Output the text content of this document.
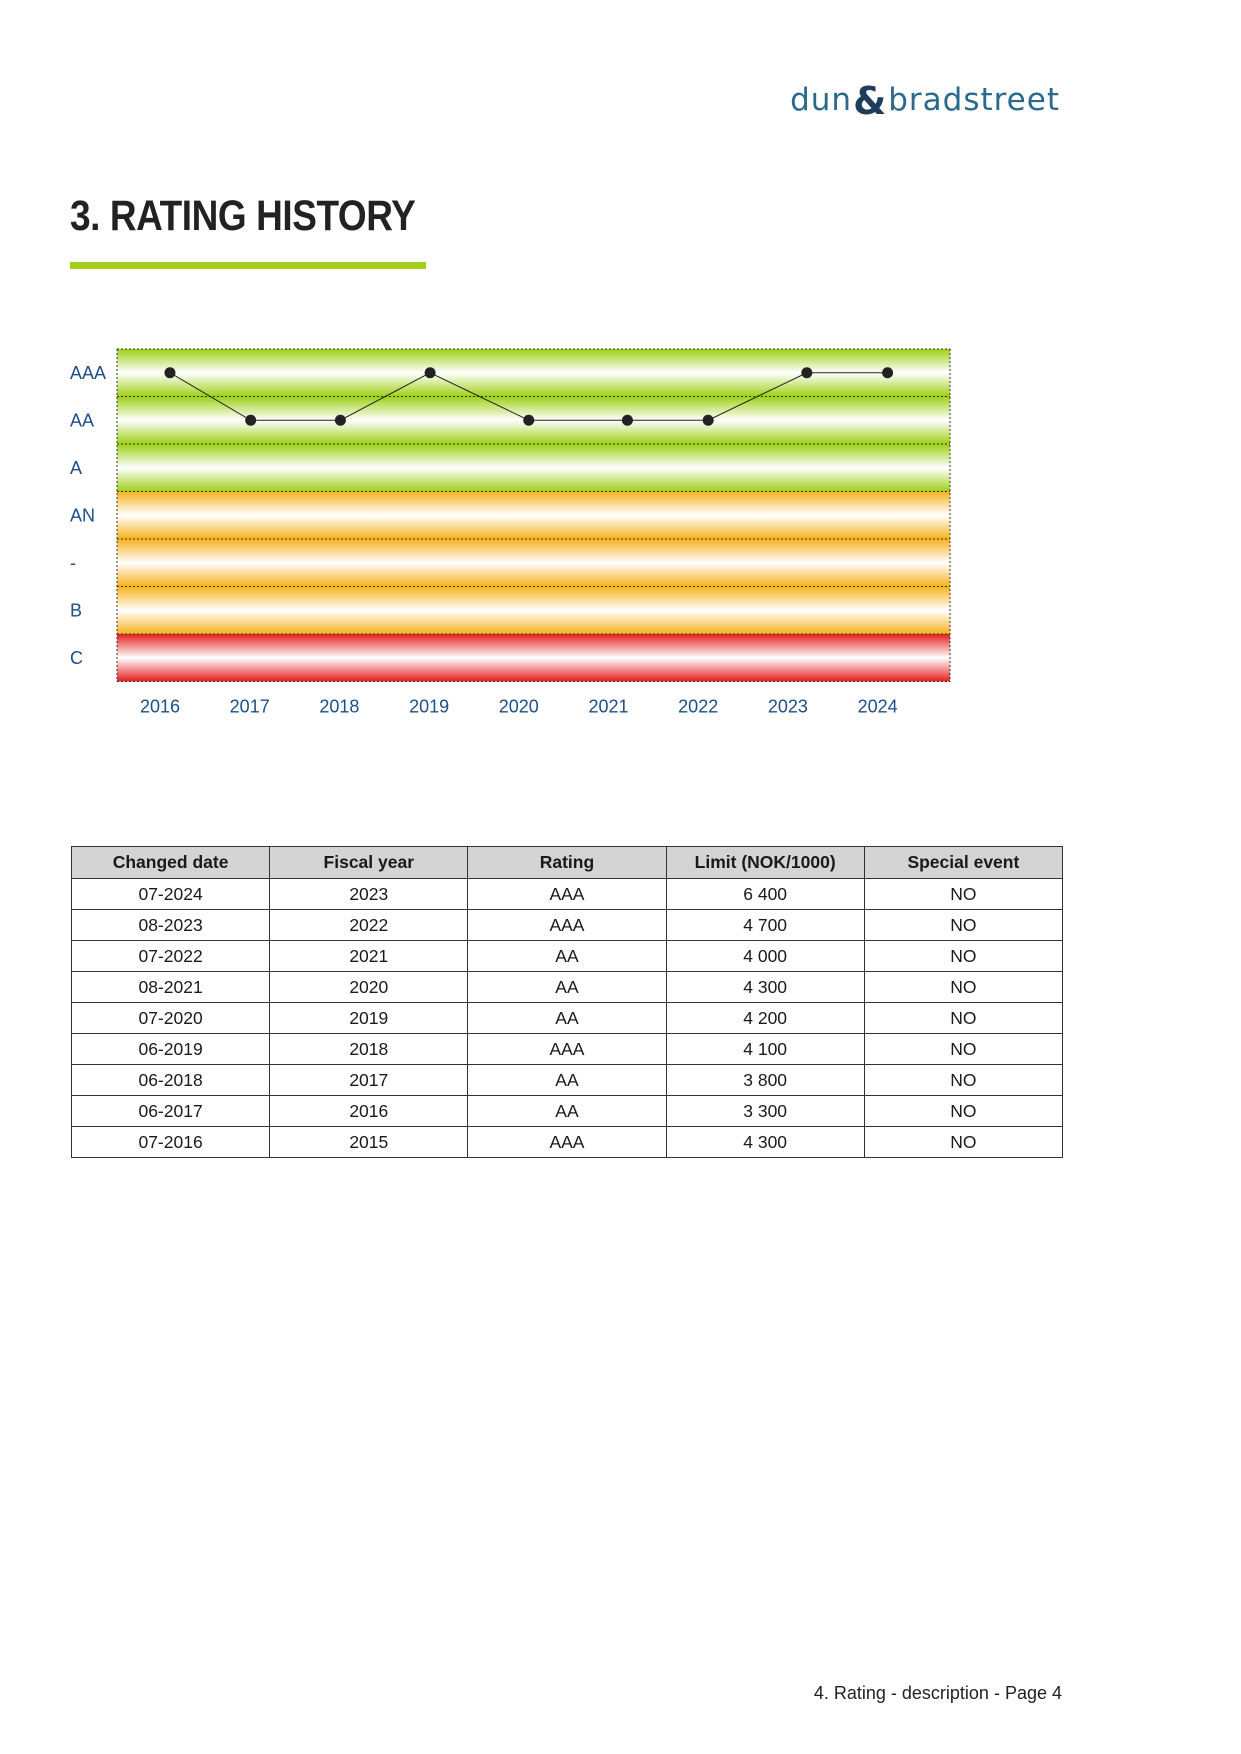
dun & bradstreet
3. RATING HISTORY
AAA
AA
A
AN
-
B
C
2016	2017	2018	2019	2020	2021	2022	2023	2024
Changed date	Fiscal year	Rating	Limit (NOK/1000)	Special event
07-2024	2023	AAA	6 400	NO
08-2023	2022	AAA	4 700	NO
07-2022	2021	AA	4 000	NO
08-2021	2020	AA	4 300	NO
07-2020	2019	AA	4 200	NO
06-2019	2018	AAA	4 100	NO
06-2018	2017	AA	3 800	NO
06-2017	2016	AA	3 300	NO
07-2016	2015	AAA	4 300	NO
4. Rating - description - Page 4
